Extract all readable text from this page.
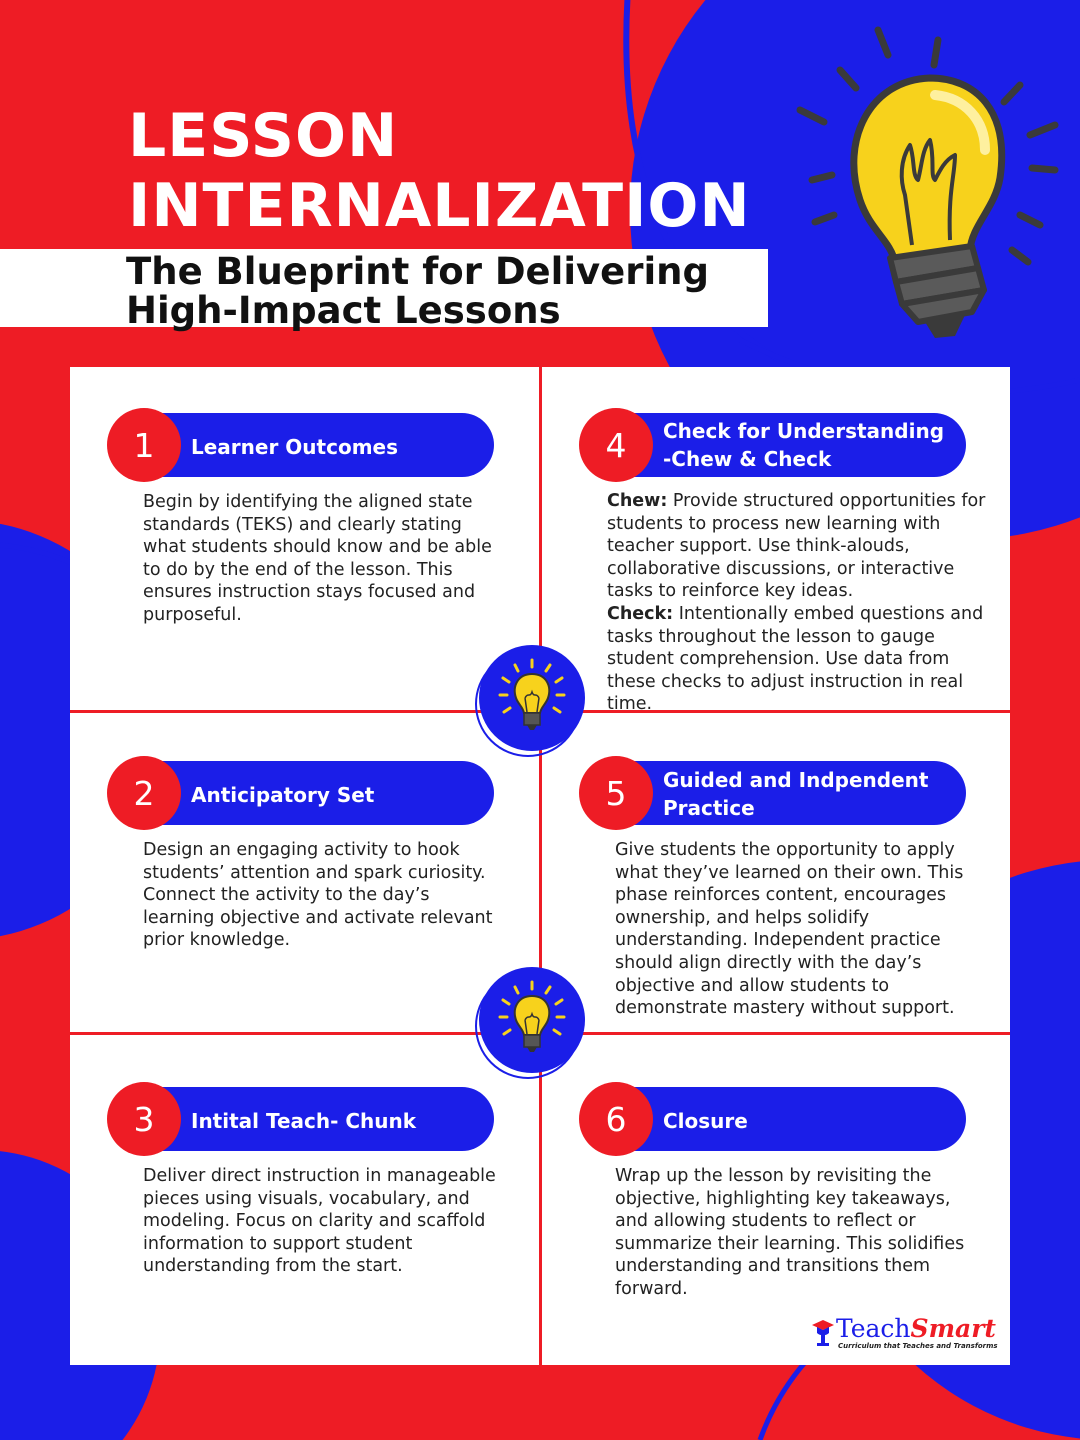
LESSON
INTERNALIZATION
The Blueprint for Delivering
High-Impact Lessons
1	Learner Outcomes

Begin by identifying the aligned state standards (TEKS) and clearly stating what students should know and be able to do by the end of the lesson. This ensures instruction stays focused and purposeful.

4	Check for Understanding
-Chew & Check

Chew: Provide structured opportunities for students to process new learning with teacher support. Use think-alouds, collaborative discussions, or interactive tasks to reinforce key ideas.
Check: Intentionally embed questions and tasks throughout the lesson to gauge student comprehension. Use data from these checks to adjust instruction in real time.

2	Anticipatory Set

Design an engaging activity to hook students’ attention and spark curiosity. Connect the activity to the day’s learning objective and activate relevant prior knowledge.

5	Guided and Indpendent
Practice

Give students the opportunity to apply what they’ve learned on their own. This phase reinforces content, encourages ownership, and helps solidify understanding. Independent practice should align directly with the day’s objective and allow students to demonstrate mastery without support.

3	Intital Teach- Chunk

Deliver direct instruction in manageable pieces using visuals, vocabulary, and modeling. Focus on clarity and scaffold information to support student understanding from the start.

6	Closure

Wrap up the lesson by revisiting the objective, highlighting key takeaways, and allowing students to reflect or summarize their learning. This solidifies understanding and transitions them forward.

TeachSmart
Curriculum that Teaches and Transforms
